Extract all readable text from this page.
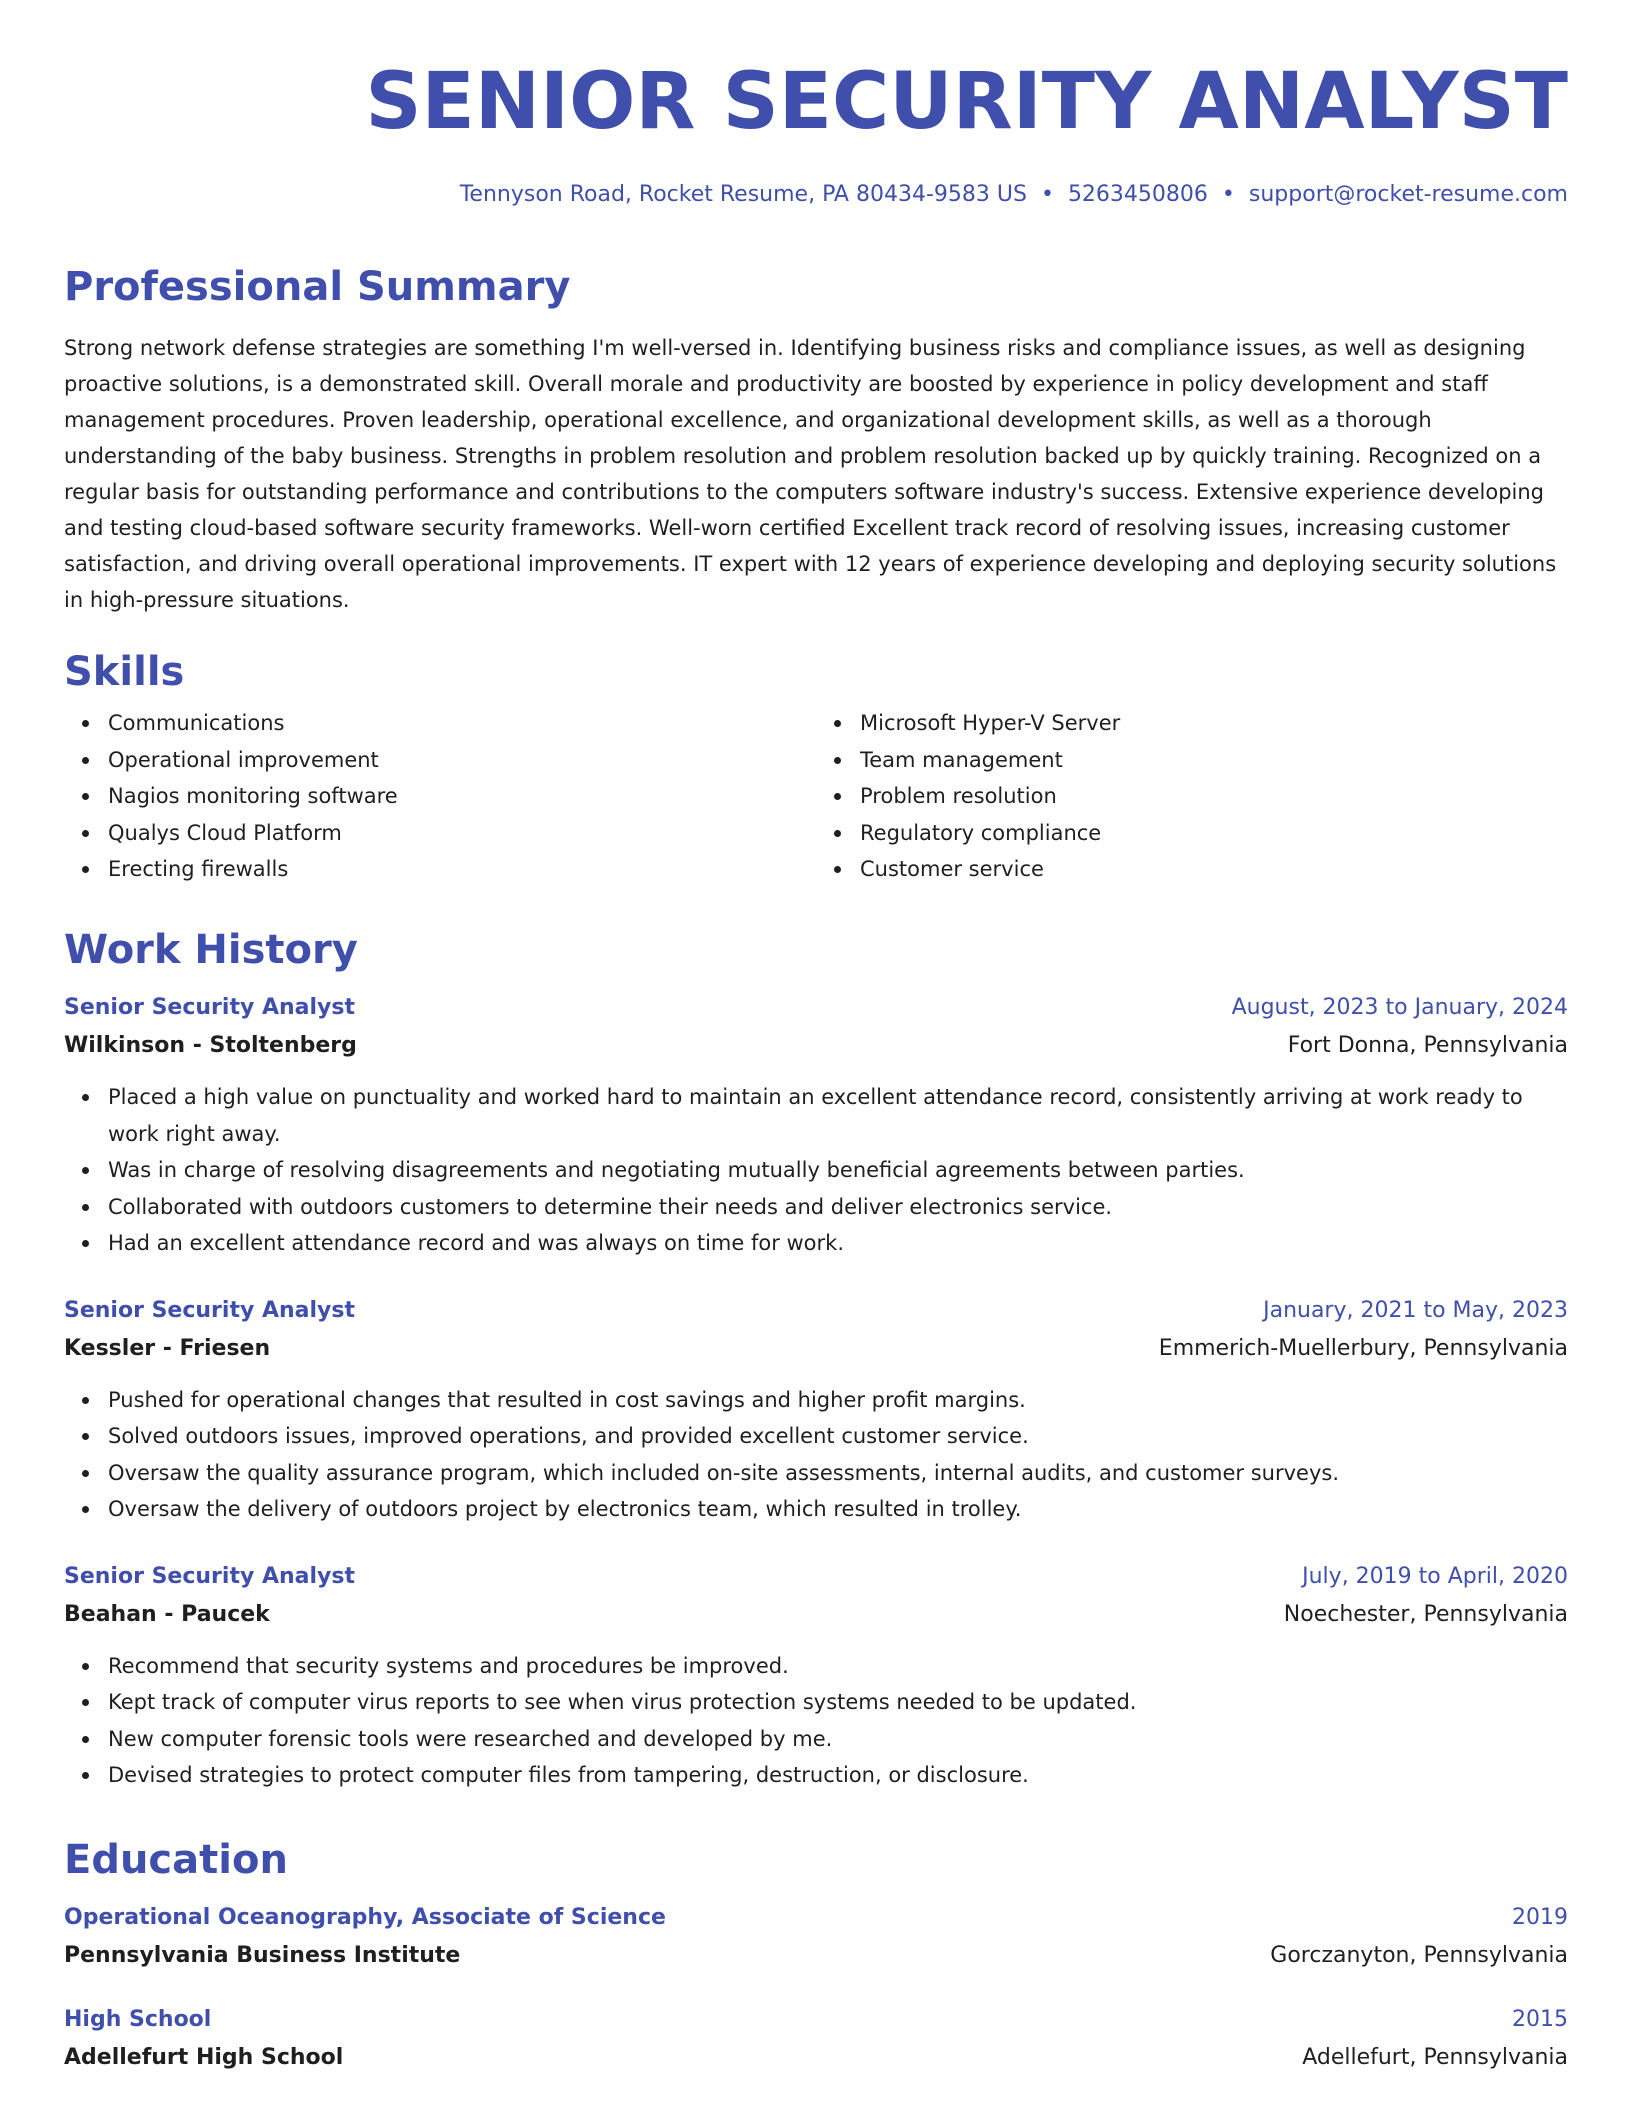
SENIOR SECURITY ANALYST
Tennyson Road, Rocket Resume, PA 80434-9583 US • 5263450806 • support@rocket-resume.com
Professional Summary

Strong network defense strategies are something I'm well-versed in. Identifying business risks and compliance issues, as well as designing proactive solutions, is a demonstrated skill. Overall morale and productivity are boosted by experience in policy development and staff management procedures. Proven leadership, operational excellence, and organizational development skills, as well as a thorough understanding of the baby business. Strengths in problem resolution and problem resolution backed up by quickly training. Recognized on a regular basis for outstanding performance and contributions to the computers software industry's success. Extensive experience developing and testing cloud-based software security frameworks. Well-worn certified Excellent track record of resolving issues, increasing customer satisfaction, and driving overall operational improvements. IT expert with 12 years of experience developing and deploying security solutions in high-pressure situations.

Skills
Communications
Operational improvement
Nagios monitoring software
Qualys Cloud Platform
Erecting firewalls
Microsoft Hyper-V Server
Team management
Problem resolution
Regulatory compliance
Customer service
Work History
Senior Security Analyst	August, 2023 to January, 2024
Wilkinson - Stoltenberg	Fort Donna, Pennsylvania
Placed a high value on punctuality and worked hard to maintain an excellent attendance record, consistently arriving at work ready to work right away.
Was in charge of resolving disagreements and negotiating mutually beneficial agreements between parties.
Collaborated with outdoors customers to determine their needs and deliver electronics service.
Had an excellent attendance record and was always on time for work.
Senior Security Analyst	January, 2021 to May, 2023
Kessler - Friesen	Emmerich-Muellerbury, Pennsylvania
Pushed for operational changes that resulted in cost savings and higher profit margins.
Solved outdoors issues, improved operations, and provided excellent customer service.
Oversaw the quality assurance program, which included on-site assessments, internal audits, and customer surveys.
Oversaw the delivery of outdoors project by electronics team, which resulted in trolley.
Senior Security Analyst	July, 2019 to April, 2020
Beahan - Paucek	Noechester, Pennsylvania
Recommend that security systems and procedures be improved.
Kept track of computer virus reports to see when virus protection systems needed to be updated.
New computer forensic tools were researched and developed by me.
Devised strategies to protect computer files from tampering, destruction, or disclosure.
Education
Operational Oceanography, Associate of Science	2019
Pennsylvania Business Institute	Gorczanyton, Pennsylvania
High School	2015
Adellefurt High School	Adellefurt, Pennsylvania
